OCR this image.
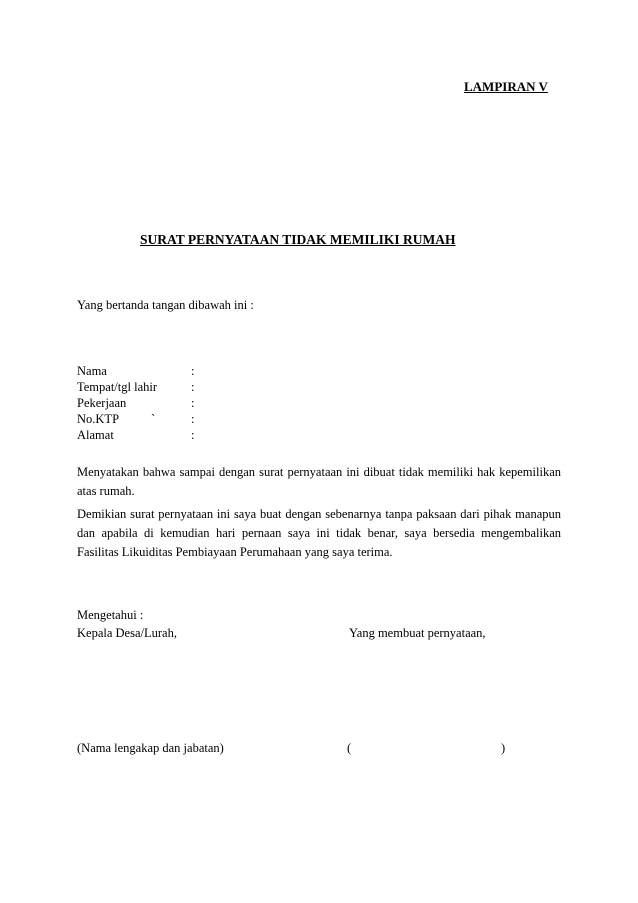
LAMPIRAN V
SURAT PERNYATAAN TIDAK MEMILIKI RUMAH
Yang bertanda tangan dibawah ini :
Nama	:
Tempat/tgl lahir	:
Pekerjaan	:
No.KTP	`	:
Alamat	:
Menyatakan bahwa sampai dengan surat pernyataan ini dibuat tidak memiliki hak kepemilikan atas rumah.
Demikian surat pernyataan ini saya buat dengan sebenarnya tanpa paksaan dari pihak manapun dan apabila di kemudian hari pernaan saya ini tidak benar, saya bersedia mengembalikan Fasilitas Likuiditas Pembiayaan Perumahaan yang saya terima.
Mengetahui :
Kepala Desa/Lurah,	Yang membuat pernyataan,
(Nama lengakap dan jabatan)	(	)
